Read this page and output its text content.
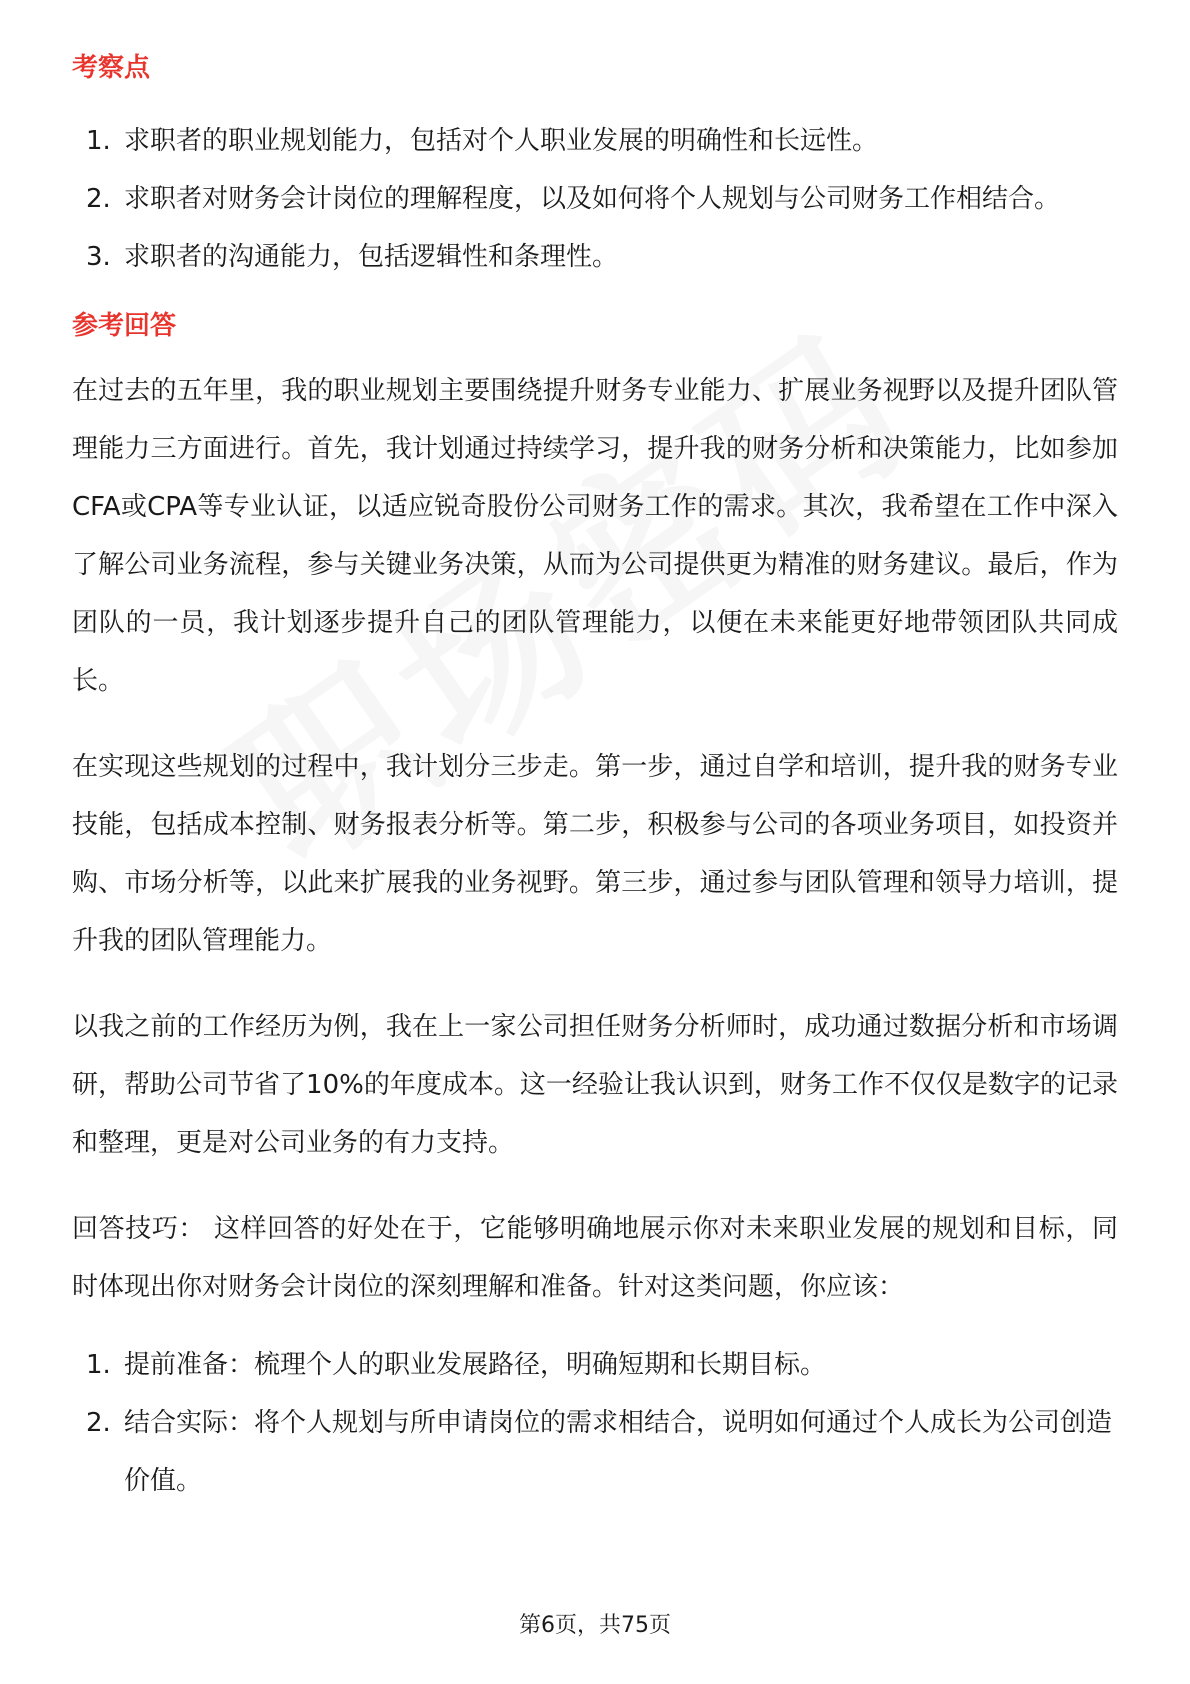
考察点
1. 求职者的职业规划能力，包括对个人职业发展的明确性和长远性。
2. 求职者对财务会计岗位的理解程度，以及如何将个人规划与公司财务工作相结合。
3. 求职者的沟通能力，包括逻辑性和条理性。
参考回答

在过去的五年里，我的职业规划主要围绕提升财务专业能力、扩展业务视野以及提升团队管理能力三方面进行。首先，我计划通过持续学习，提升我的财务分析和决策能力，比如参加CFA或CPA等专业认证，以适应锐奇股份公司财务工作的需求。其次，我希望在工作中深入了解公司业务流程，参与关键业务决策，从而为公司提供更为精准的财务建议。最后，作为团队的一员，我计划逐步提升自己的团队管理能力，以便在未来能更好地带领团队共同成长。

在实现这些规划的过程中，我计划分三步走。第一步，通过自学和培训，提升我的财务专业技能，包括成本控制、财务报表分析等。第二步，积极参与公司的各项业务项目，如投资并购、市场分析等，以此来扩展我的业务视野。第三步，通过参与团队管理和领导力培训，提升我的团队管理能力。

以我之前的工作经历为例，我在上一家公司担任财务分析师时，成功通过数据分析和市场调研，帮助公司节省了10%的年度成本。这一经验让我认识到，财务工作不仅仅是数字的记录和整理，更是对公司业务的有力支持。

回答技巧： 这样回答的好处在于，它能够明确地展示你对未来职业发展的规划和目标，同时体现出你对财务会计岗位的深刻理解和准备。针对这类问题，你应该：

1. 提前准备：梳理个人的职业发展路径，明确短期和长期目标。
2. 结合实际：将个人规划与所申请岗位的需求相结合，说明如何通过个人成长为公司创造价值。
第6页，共75页
